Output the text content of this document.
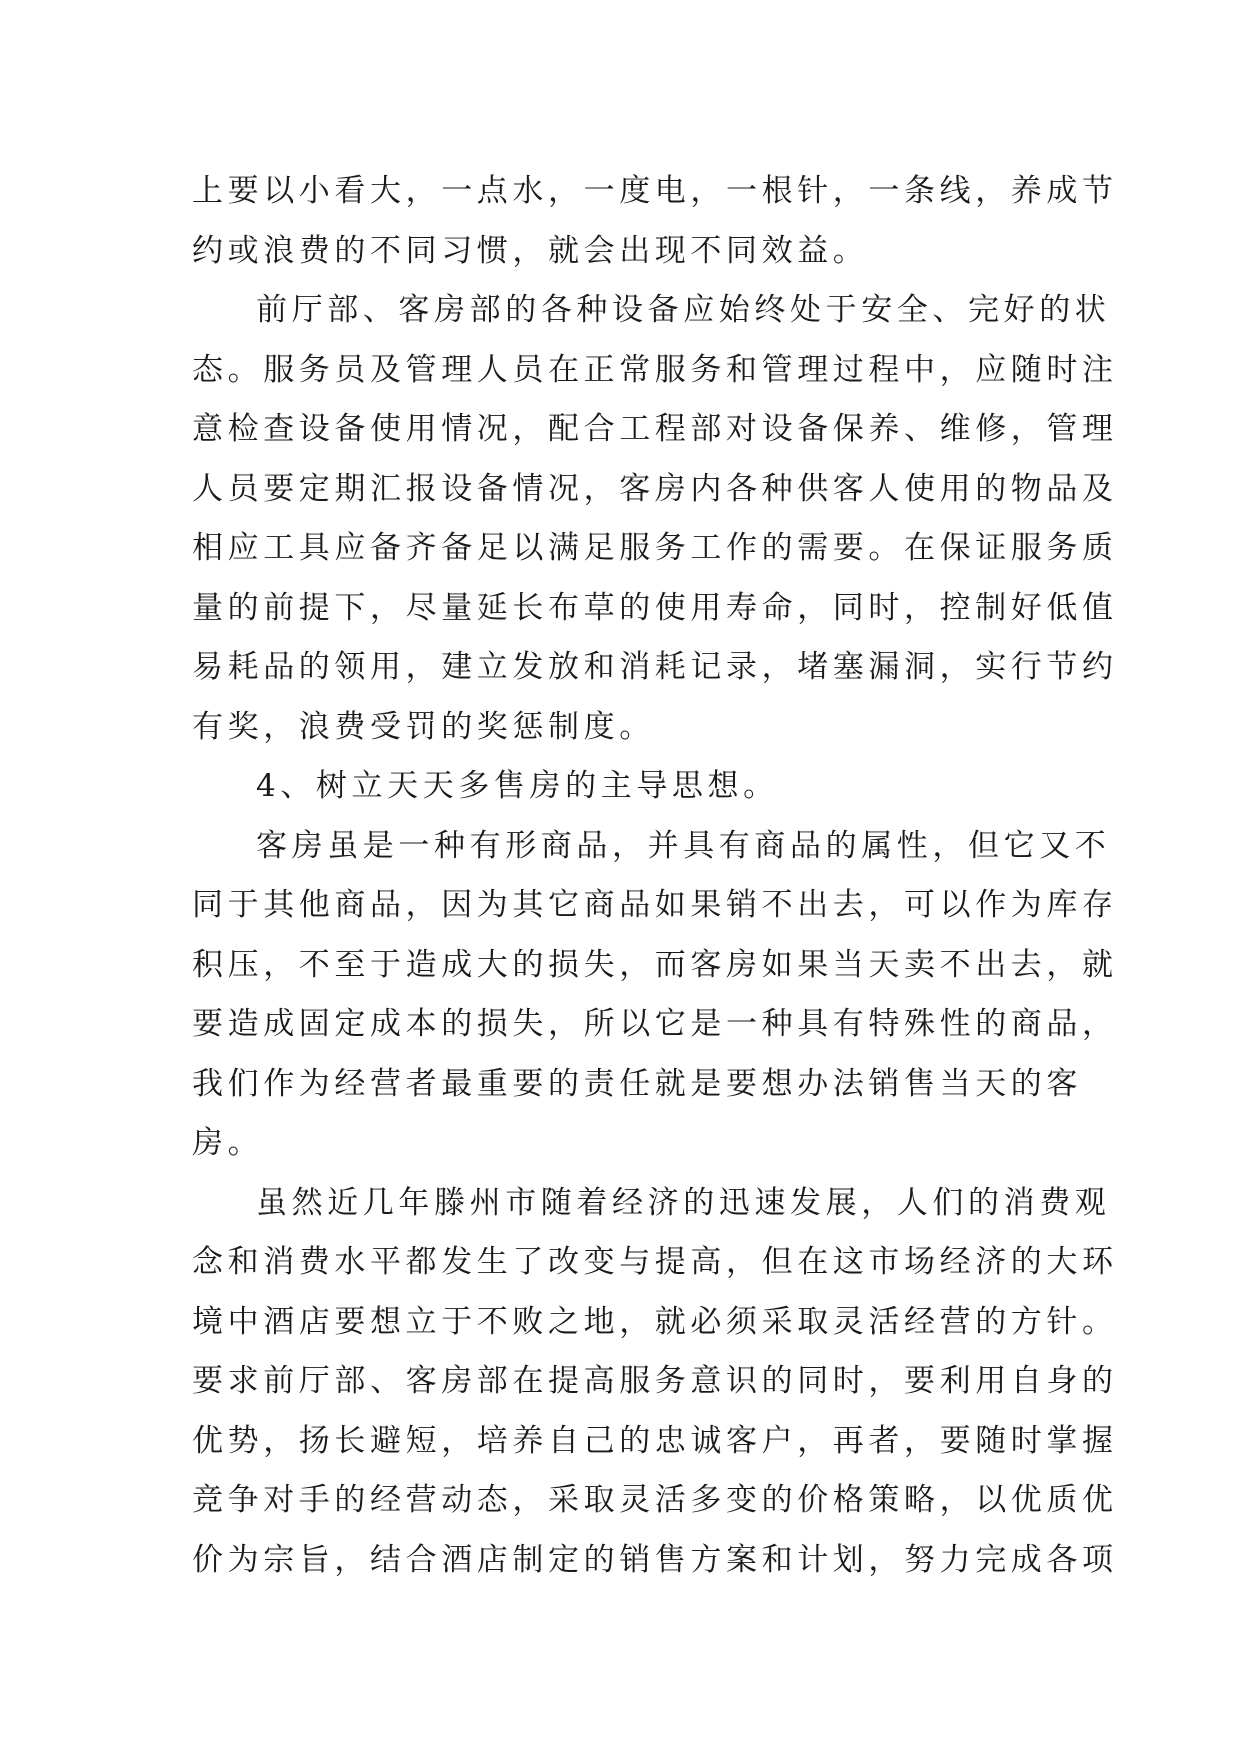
上要以小看大，一点水，一度电，一根针，一条线，养成节
约或浪费的不同习惯，就会出现不同效益。
前厅部、客房部的各种设备应始终处于安全、完好的状
态。服务员及管理人员在正常服务和管理过程中，应随时注
意检查设备使用情况，配合工程部对设备保养、维修，管理
人员要定期汇报设备情况，客房内各种供客人使用的物品及
相应工具应备齐备足以满足服务工作的需要。在保证服务质
量的前提下，尽量延长布草的使用寿命，同时，控制好低值
易耗品的领用，建立发放和消耗记录，堵塞漏洞，实行节约
有奖，浪费受罚的奖惩制度。
4、树立天天多售房的主导思想。
客房虽是一种有形商品，并具有商品的属性，但它又不
同于其他商品，因为其它商品如果销不出去，可以作为库存
积压，不至于造成大的损失，而客房如果当天卖不出去，就
要造成固定成本的损失，所以它是一种具有特殊性的商品，
我们作为经营者最重要的责任就是要想办法销售当天的客
房。
虽然近几年滕州市随着经济的迅速发展，人们的消费观
念和消费水平都发生了改变与提高，但在这市场经济的大环
境中酒店要想立于不败之地，就必须采取灵活经营的方针。
要求前厅部、客房部在提高服务意识的同时，要利用自身的
优势，扬长避短，培养自己的忠诚客户，再者，要随时掌握
竞争对手的经营动态，采取灵活多变的价格策略，以优质优
价为宗旨，结合酒店制定的销售方案和计划，努力完成各项
